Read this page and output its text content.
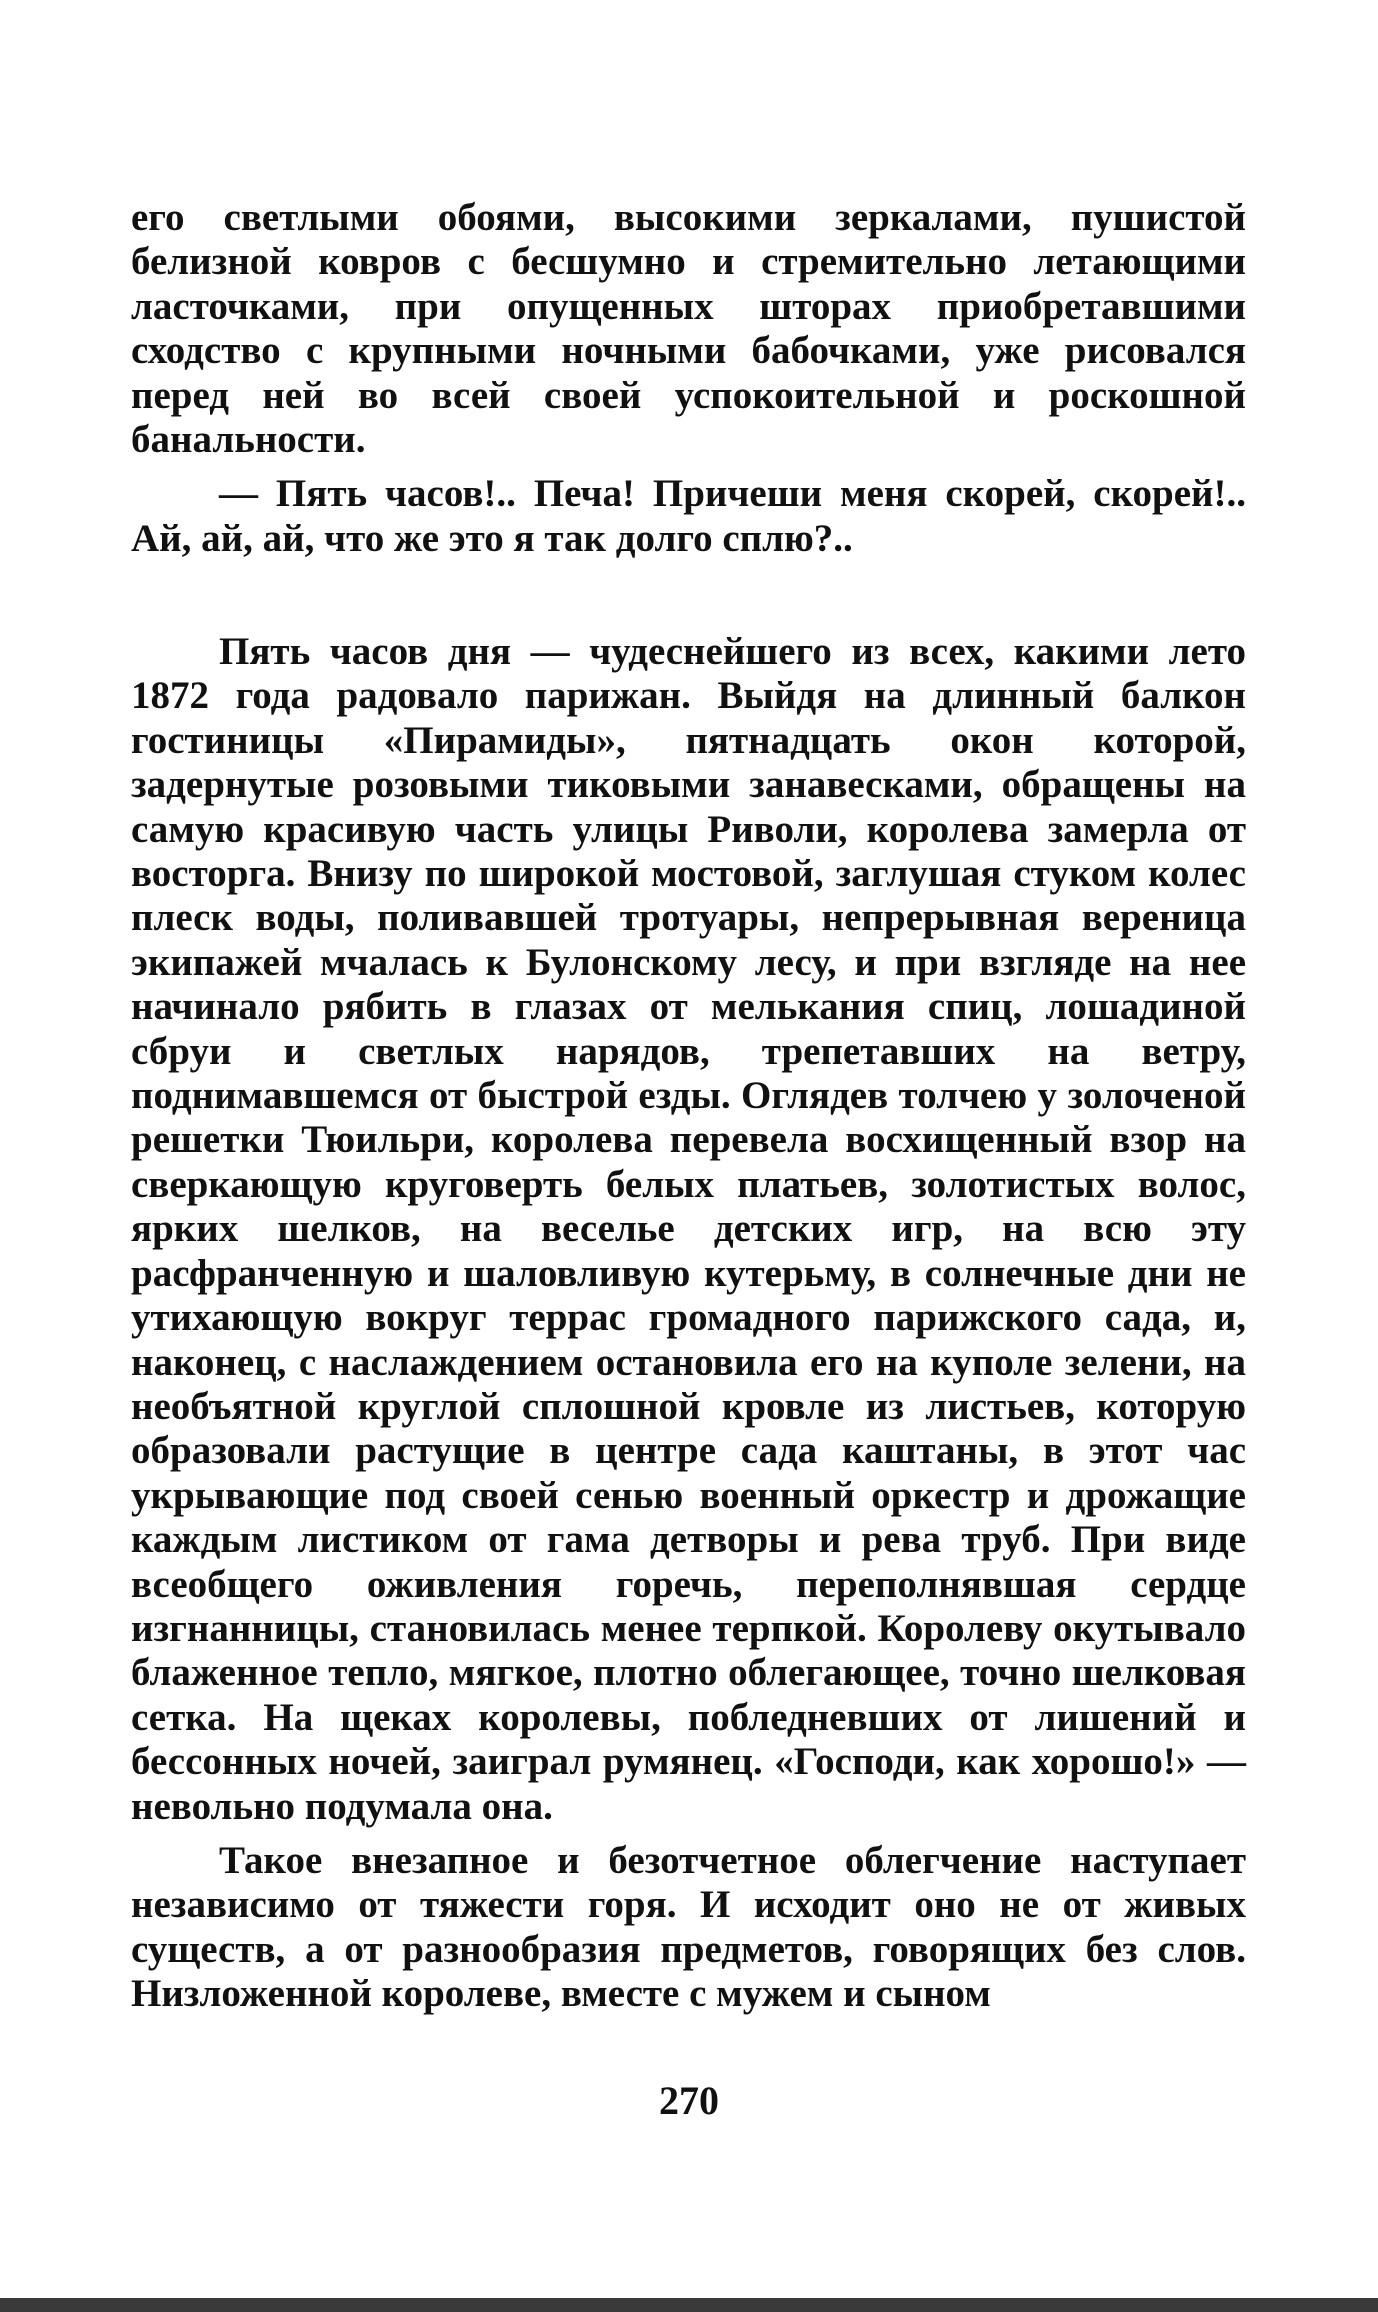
его светлыми обоями, высокими зеркалами, пушистой белизной ковров с бесшумно и стремительно летающими ласточками, при опущенных шторах приобретавшими сходство с крупными ночными бабочками, уже рисовался перед ней во всей своей успокоительной и роскошной банальности.

— Пять часов!.. Печа! Причеши меня скорей, скорей!.. Ай, ай, ай, что же это я так долго сплю?..

Пять часов дня — чудеснейшего из всех, какими лето 1872 года радовало парижан. Выйдя на длинный балкон гостиницы «Пирамиды», пятнадцать окон которой, задернутые розовыми тиковыми занавесками, обращены на самую красивую часть улицы Риволи, королева замерла от восторга. Внизу по широкой мостовой, заглушая стуком колес плеск воды, поливавшей тротуары, непрерывная вереница экипажей мчалась к Булонскому лесу, и при взгляде на нее начинало рябить в глазах от мелькания спиц, лошадиной сбруи и светлых нарядов, трепетавших на ветру, поднимавшемся от быстрой езды. Оглядев толчею у золоченой решетки Тюильри, королева перевела восхищенный взор на сверкающую круговерть белых платьев, золотистых волос, ярких шелков, на веселье детских игр, на всю эту расфранченную и шаловливую кутерьму, в солнечные дни не утихающую вокруг террас громадного парижского сада, и, наконец, с наслаждением остановила его на куполе зелени, на необъятной круглой сплошной кровле из листьев, которую образовали растущие в центре сада каштаны, в этот час укрывающие под своей сенью военный оркестр и дрожащие каждым листиком от гама детворы и рева труб. При виде всеобщего оживления горечь, переполнявшая сердце изгнанницы, становилась менее терпкой. Королеву окутывало блаженное тепло, мягкое, плотно облегающее, точно шелковая сетка. На щеках королевы, побледневших от лишений и бессонных ночей, заиграл румянец. «Господи, как хорошо!» — невольно подумала она.

Такое внезапное и безотчетное облегчение наступает независимо от тяжести горя. И исходит оно не от живых существ, а от разнообразия предметов, говорящих без слов. Низложенной королеве, вместе с мужем и сыном

270
